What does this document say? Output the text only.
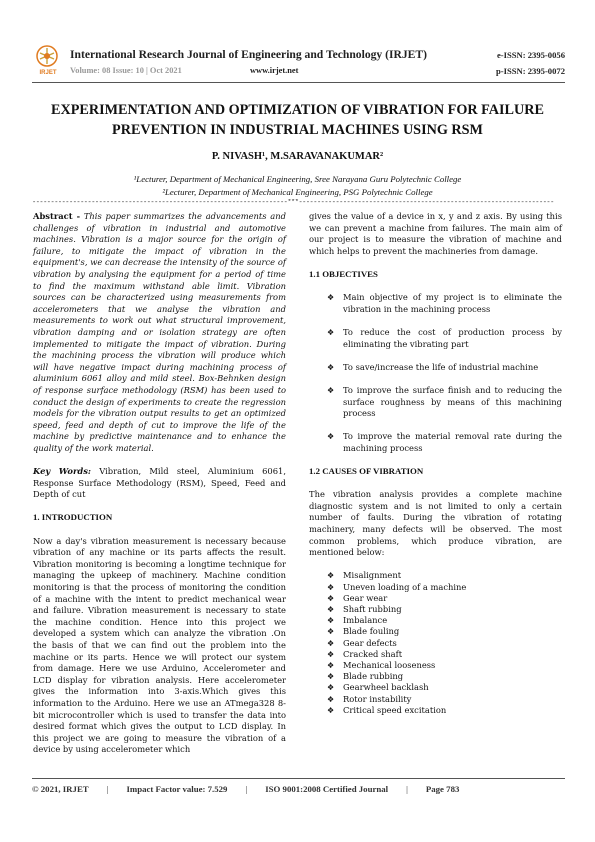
IRJET
International Research Journal of Engineering and Technology (IRJET)
Volume: 08 Issue: 10 | Oct 2021	www.irjet.net
e-ISSN: 2395-0056
p-ISSN: 2395-0072
EXPERIMENTATION AND OPTIMIZATION OF VIBRATION FOR FAILURE PREVENTION IN INDUSTRIAL MACHINES USING RSM
P. NIVASH¹, M.SARAVANAKUMAR²
¹Lecturer, Department of Mechanical Engineering, Sree Narayana Guru Polytechnic College
²Lecturer, Department of Mechanical Engineering, PSG Polytechnic College
---------------------------------------------------------------------***---------------------------------------------------------------------

Abstract - This paper summarizes the advancements and challenges of vibration in industrial and automotive machines. Vibration is a major source for the origin of failure, to mitigate the impact of vibration in the equipment's, we can decrease the intensity of the source of vibration by analysing the equipment for a period of time to find the maximum withstand able limit. Vibration sources can be characterized using measurements from accelerometers that we analyse the vibration and measurements to work out what structural improvement, vibration damping and or isolation strategy are often implemented to mitigate the impact of vibration. During the machining process the vibration will produce which will have negative impact during machining process of aluminium 6061 alloy and mild steel. Box-Behnken design of response surface methodology (RSM) has been used to conduct the design of experiments to create the regression models for the vibration output results to get an optimized speed, feed and depth of cut to improve the life of the machine by predictive maintenance and to enhance the quality of the work material.

Key Words: Vibration, Mild steel, Aluminium 6061, Response Surface Methodology (RSM), Speed, Feed and Depth of cut

1. INTRODUCTION

Now a day's vibration measurement is necessary because vibration of any machine or its parts affects the result. Vibration monitoring is becoming a longtime technique for managing the upkeep of machinery. Machine condition monitoring is that the process of monitoring the condition of a machine with the intent to predict mechanical wear and failure. Vibration measurement is necessary to state the machine condition. Hence into this project we developed a system which can analyze the vibration .On the basis of that we can find out the problem into the machine or its parts. Hence we will protect our system from damage. Here we use Arduino, Accelerometer and LCD display for vibration analysis. Here accelerometer gives the information into 3-axis.Which gives this information to the Arduino. Here we use an ATmega328 8-bit microcontroller which is used to transfer the data into desired format which gives the output to LCD display. In this project we are going to measure the vibration of a device by using accelerometer which

gives the value of a device in x, y and z axis. By using this we can prevent a machine from failures. The main aim of our project is to measure the vibration of machine and which helps to prevent the machineries from damage.

1.1 OBJECTIVES

❖ Main objective of my project is to eliminate the vibration in the machining process
❖ To reduce the cost of production process by eliminating the vibrating part
❖ To save/increase the life of industrial machine
❖ To improve the surface finish and to reducing the surface roughness by means of this machining process
❖ To improve the material removal rate during the machining process

1.2 CAUSES OF VIBRATION

The vibration analysis provides a complete machine diagnostic system and is not limited to only a certain number of faults. During the vibration of rotating machinery, many defects will be observed. The most common problems, which produce vibration, are mentioned below:

❖ Misalignment
❖ Uneven loading of a machine
❖ Gear wear
❖ Shaft rubbing
❖ Imbalance
❖ Blade fouling
❖ Gear defects
❖ Cracked shaft
❖ Mechanical looseness
❖ Blade rubbing
❖ Gearwheel backlash
❖ Rotor instability
❖ Critical speed excitation
© 2021, IRJET | Impact Factor value: 7.529 | ISO 9001:2008 Certified Journal | Page 783
